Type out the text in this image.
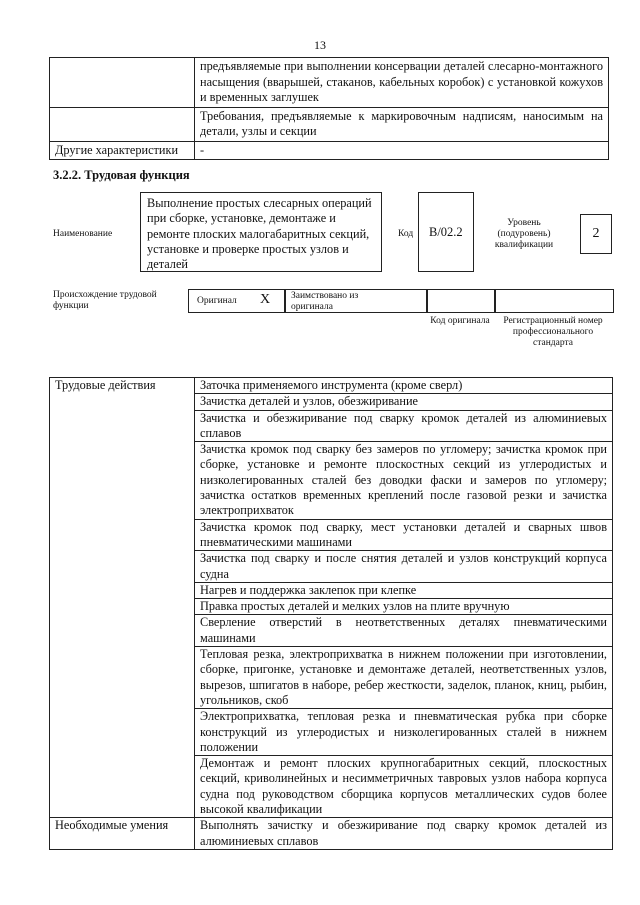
13
	предъявляемые при выполнении консервации деталей слесарно-монтажного насыщения (вварышей, стаканов, кабельных коробок) с установкой кожухов и временных заглушек
	Требования, предъявляемые к маркировочным надписям, наносимым на детали, узлы и секции
Другие характеристики	-
3.2.2. Трудовая функция
Наименование
Выполнение простых слесарных операций при сборке, установке, демонтаже и ремонте плоских малогабаритных секций, установке и проверке простых узлов и деталей
Код	B/02.2
Уровень (подуровень) квалификации
2
Происхождение трудовой функции	Оригинал X Заимствовано из оригинала
Код оригинала	Регистрационный номер профессионального стандарта
Трудовые действия	Заточка применяемого инструмента (кроме сверл)
	Зачистка деталей и узлов, обезжиривание
	Зачистка и обезжиривание под сварку кромок деталей из алюминиевых сплавов
	Зачистка кромок под сварку без замеров по угломеру; зачистка кромок при сборке, установке и ремонте плоскостных секций из углеродистых и низколегированных сталей без доводки фаски и замеров по угломеру; зачистка остатков временных креплений после газовой резки и зачистка электроприхваток
	Зачистка кромок под сварку, мест установки деталей и сварных швов пневматическими машинами
	Зачистка под сварку и после снятия деталей и узлов конструкций корпуса судна
	Нагрев и поддержка заклепок при клепке
	Правка простых деталей и мелких узлов на плите вручную
	Сверление отверстий в неответственных деталях пневматическими машинами
	Тепловая резка, электроприхватка в нижнем положении при изготовлении, сборке, пригонке, установке и демонтаже деталей, неответственных узлов, вырезов, шпигатов в наборе, ребер жесткости, заделок, планок, книц, рыбин, угольников, скоб
	Электроприхватка, тепловая резка и пневматическая рубка при сборке конструкций из углеродистых и низколегированных сталей в нижнем положении
	Демонтаж и ремонт плоских крупногабаритных секций, плоскостных секций, криволинейных и несимметричных тавровых узлов набора корпуса судна под руководством сборщика корпусов металлических судов более высокой квалификации
Необходимые умения	Выполнять зачистку и обезжиривание под сварку кромок деталей из алюминиевых сплавов
